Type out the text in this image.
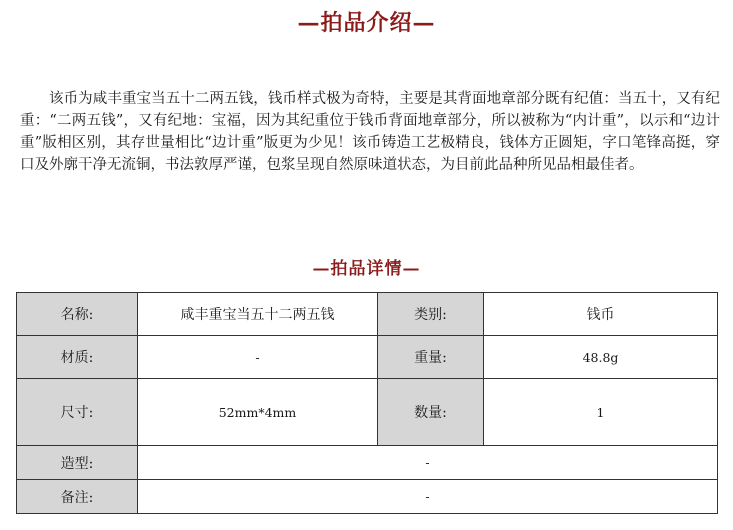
—拍品介绍—
该币为咸丰重宝当五十二两五钱，钱币样式极为奇特，主要是其背面地章部分既有纪值：当五十，又有纪重：“二两五钱”，又有纪地：宝福，因为其纪重位于钱币背面地章部分，所以被称为“内计重”，以示和“边计重”版相区别，其存世量相比“边计重”版更为少见！该币铸造工艺极精良，钱体方正圆矩，字口笔锋高挺，穿口及外廓干净无流铜，书法敦厚严谨，包浆呈现自然原味道状态，为目前此品种所见品相最佳者。
—拍品详情—
名称:	咸丰重宝当五十二两五钱	类别:	钱币
材质:	-	重量:	48.8g
尺寸:	52mm*4mm	数量:	1
造型:	-		
备注:	-		
